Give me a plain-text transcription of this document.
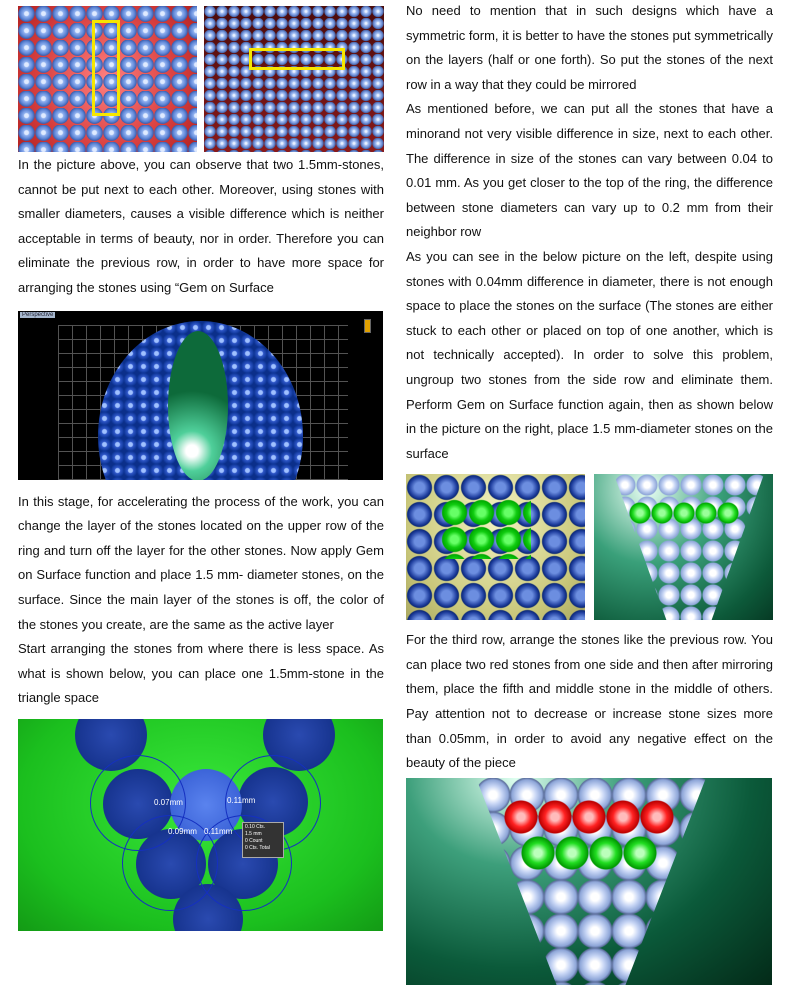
In the picture above, you can observe that two 1.5mm-stones, cannot be put next to each other. Moreover, using stones with smaller diameters, causes a visible difference which is neither acceptable in terms of beauty, nor in order. Therefore you can eliminate the previous row, in order to have more space for arranging the stones using “Gem on Surface

Perspective

In this stage, for accelerating the process of the work, you can change the layer of the stones located on the upper row of the ring and turn off the layer for the other stones. Now apply Gem on Surface function and place 1.5 mm- diameter stones, on the surface. Since the main layer of the stones is off, the color of the stones you create, are the same as the active layer

Start arranging the stones from where there is less space. As what is shown below, you can place one 1.5mm-stone in the triangle space

0.07mm	0.11mm
0.09mm 0.11mm	0.10 Cts.
1.5 mm
0 Count
0 Cts. Total

No need to mention that in such designs which have a symmetric form, it is better to have the stones put symmetrically on the layers (half or one forth). So put the stones of the next row in a way that they could be mirrored

As mentioned before, we can put all the stones that have a minorand not very visible difference in size, next to each other. The difference in size of the stones can vary between 0.04 to 0.01 mm. As you get closer to the top of the ring, the difference between stone diameters can vary up to 0.2 mm from their neighbor row

As you can see in the below picture on the left, despite using stones with 0.04mm difference in diameter, there is not enough space to place the stones on the surface (The stones are either stuck to each other or placed on top of one another, which is not technically accepted). In order to solve this problem, ungroup two stones from the side row and eliminate them. Perform Gem on Surface function again, then as shown below in the picture on the right, place 1.5 mm-diameter stones on the surface

For the third row, arrange the stones like the previous row. You can place two red stones from one side and then after mirroring them, place the fifth and middle stone in the middle of others. Pay attention not to decrease or increase stone sizes more than 0.05mm, in order to avoid any negative effect on the beauty of the piece
